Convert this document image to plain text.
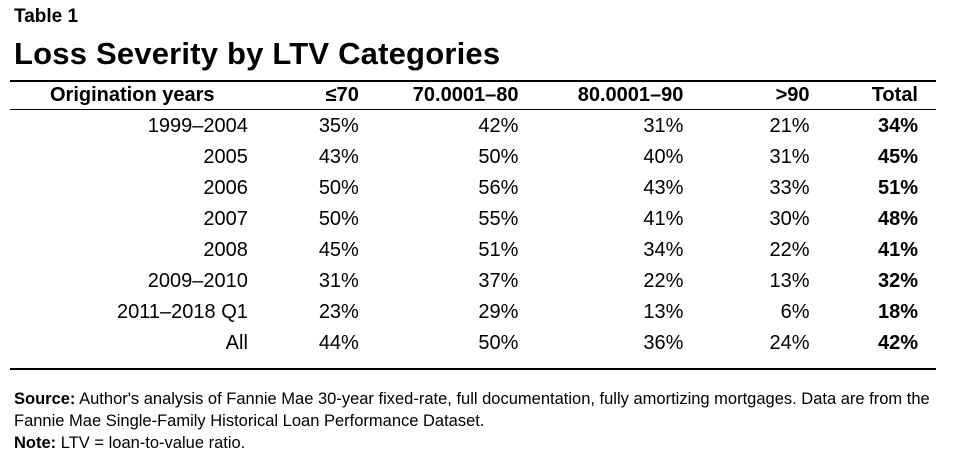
Table 1
Loss Severity by LTV Categories
Origination years	≤70	70.0001–80	80.0001–90	>90	Total
1999–2004	35%	42%	31%	21%	34%
2005	43%	50%	40%	31%	45%
2006	50%	56%	43%	33%	51%
2007	50%	55%	41%	30%	48%
2008	45%	51%	34%	22%	41%
2009–2010	31%	37%	22%	13%	32%
2011–2018 Q1	23%	29%	13%	6%	18%
All	44%	50%	36%	24%	42%
Source: Author's analysis of Fannie Mae 30-year fixed-rate, full documentation, fully amortizing mortgages. Data are from the Fannie Mae Single-Family Historical Loan Performance Dataset.
Note: LTV = loan-to-value ratio.
